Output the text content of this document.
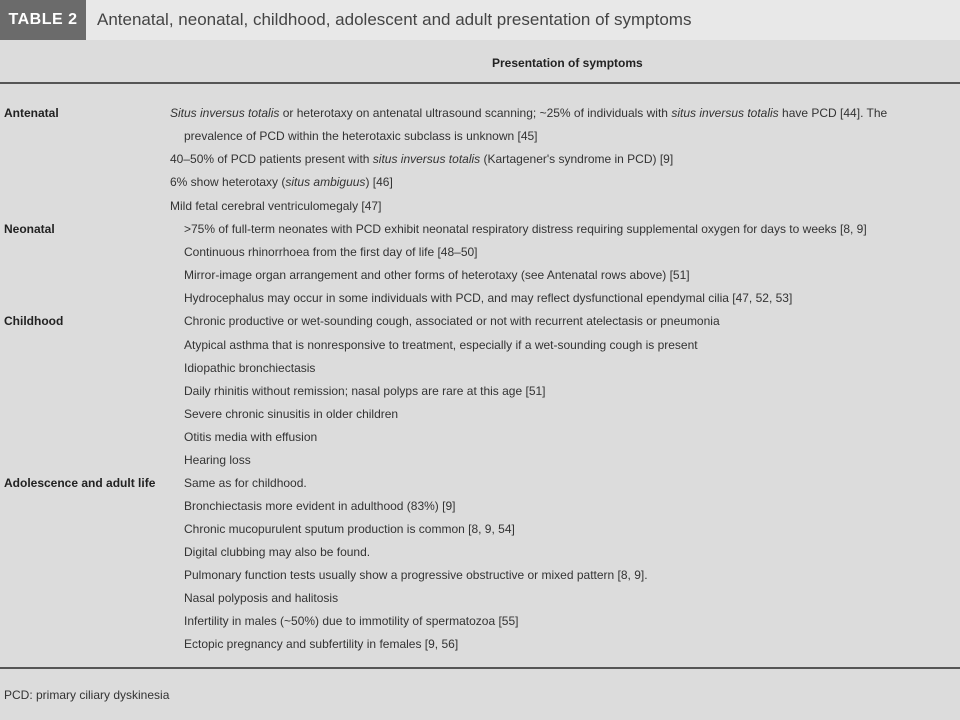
TABLE 2	Antenatal, neonatal, childhood, adolescent and adult presentation of symptoms
Presentation of symptoms
Antenatal	Situs inversus totalis or heterotaxy on antenatal ultrasound scanning; ~25% of individuals with situs inversus totalis have PCD [44]. The
prevalence of PCD within the heterotaxic subclass is unknown [45]
40–50% of PCD patients present with situs inversus totalis (Kartagener's syndrome in PCD) [9]
6% show heterotaxy (situs ambiguus) [46]
Mild fetal cerebral ventriculomegaly [47]
Neonatal	>75% of full-term neonates with PCD exhibit neonatal respiratory distress requiring supplemental oxygen for days to weeks [8, 9]
Continuous rhinorrhoea from the first day of life [48–50]
Mirror-image organ arrangement and other forms of heterotaxy (see Antenatal rows above) [51]
Hydrocephalus may occur in some individuals with PCD, and may reflect dysfunctional ependymal cilia [47, 52, 53]
Childhood	Chronic productive or wet-sounding cough, associated or not with recurrent atelectasis or pneumonia
Atypical asthma that is nonresponsive to treatment, especially if a wet-sounding cough is present
Idiopathic bronchiectasis
Daily rhinitis without remission; nasal polyps are rare at this age [51]
Severe chronic sinusitis in older children
Otitis media with effusion
Hearing loss
Adolescence and adult life Same as for childhood.
Bronchiectasis more evident in adulthood (83%) [9]
Chronic mucopurulent sputum production is common [8, 9, 54]
Digital clubbing may also be found.
Pulmonary function tests usually show a progressive obstructive or mixed pattern [8, 9].
Nasal polyposis and halitosis
Infertility in males (~50%) due to immotility of spermatozoa [55]
Ectopic pregnancy and subfertility in females [9, 56]
PCD: primary ciliary dyskinesia
